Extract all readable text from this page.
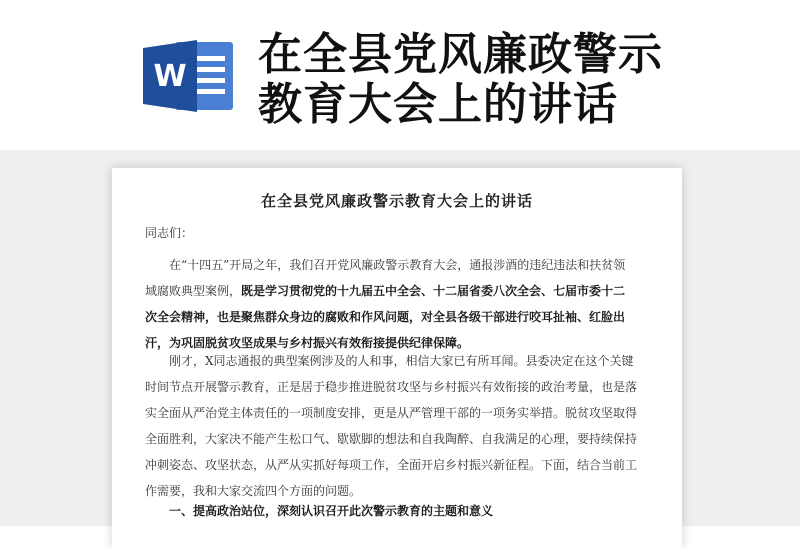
W 在全县党风廉政警示
教育大会上的讲话
在全县党风廉政警示教育大会上的讲话
同志们：
在“十四五”开局之年，我们召开党风廉政警示教育大会，通报涉酒的违纪违法和扶贫领
域腐败典型案例，既是学习贯彻党的十九届五中全会、十二届省委八次全会、七届市委十二
次全会精神，也是聚焦群众身边的腐败和作风问题，对全县各级干部进行咬耳扯袖、红脸出
汗，为巩固脱贫攻坚成果与乡村振兴有效衔接提供纪律保障。
刚才，X同志通报的典型案例涉及的人和事，相信大家已有所耳闻。县委决定在这个关键
时间节点开展警示教育，正是居于稳步推进脱贫攻坚与乡村振兴有效衔接的政治考量，也是落
实全面从严治党主体责任的一项制度安排，更是从严管理干部的一项务实举措。脱贫攻坚取得
全面胜利，大家决不能产生松口气、歇歇脚的想法和自我陶醉、自我满足的心理，要持续保持
冲刺姿态、攻坚状态，从严从实抓好每项工作，全面开启乡村振兴新征程。下面，结合当前工
作需要，我和大家交流四个方面的问题。
一、提高政治站位，深刻认识召开此次警示教育的主题和意义
